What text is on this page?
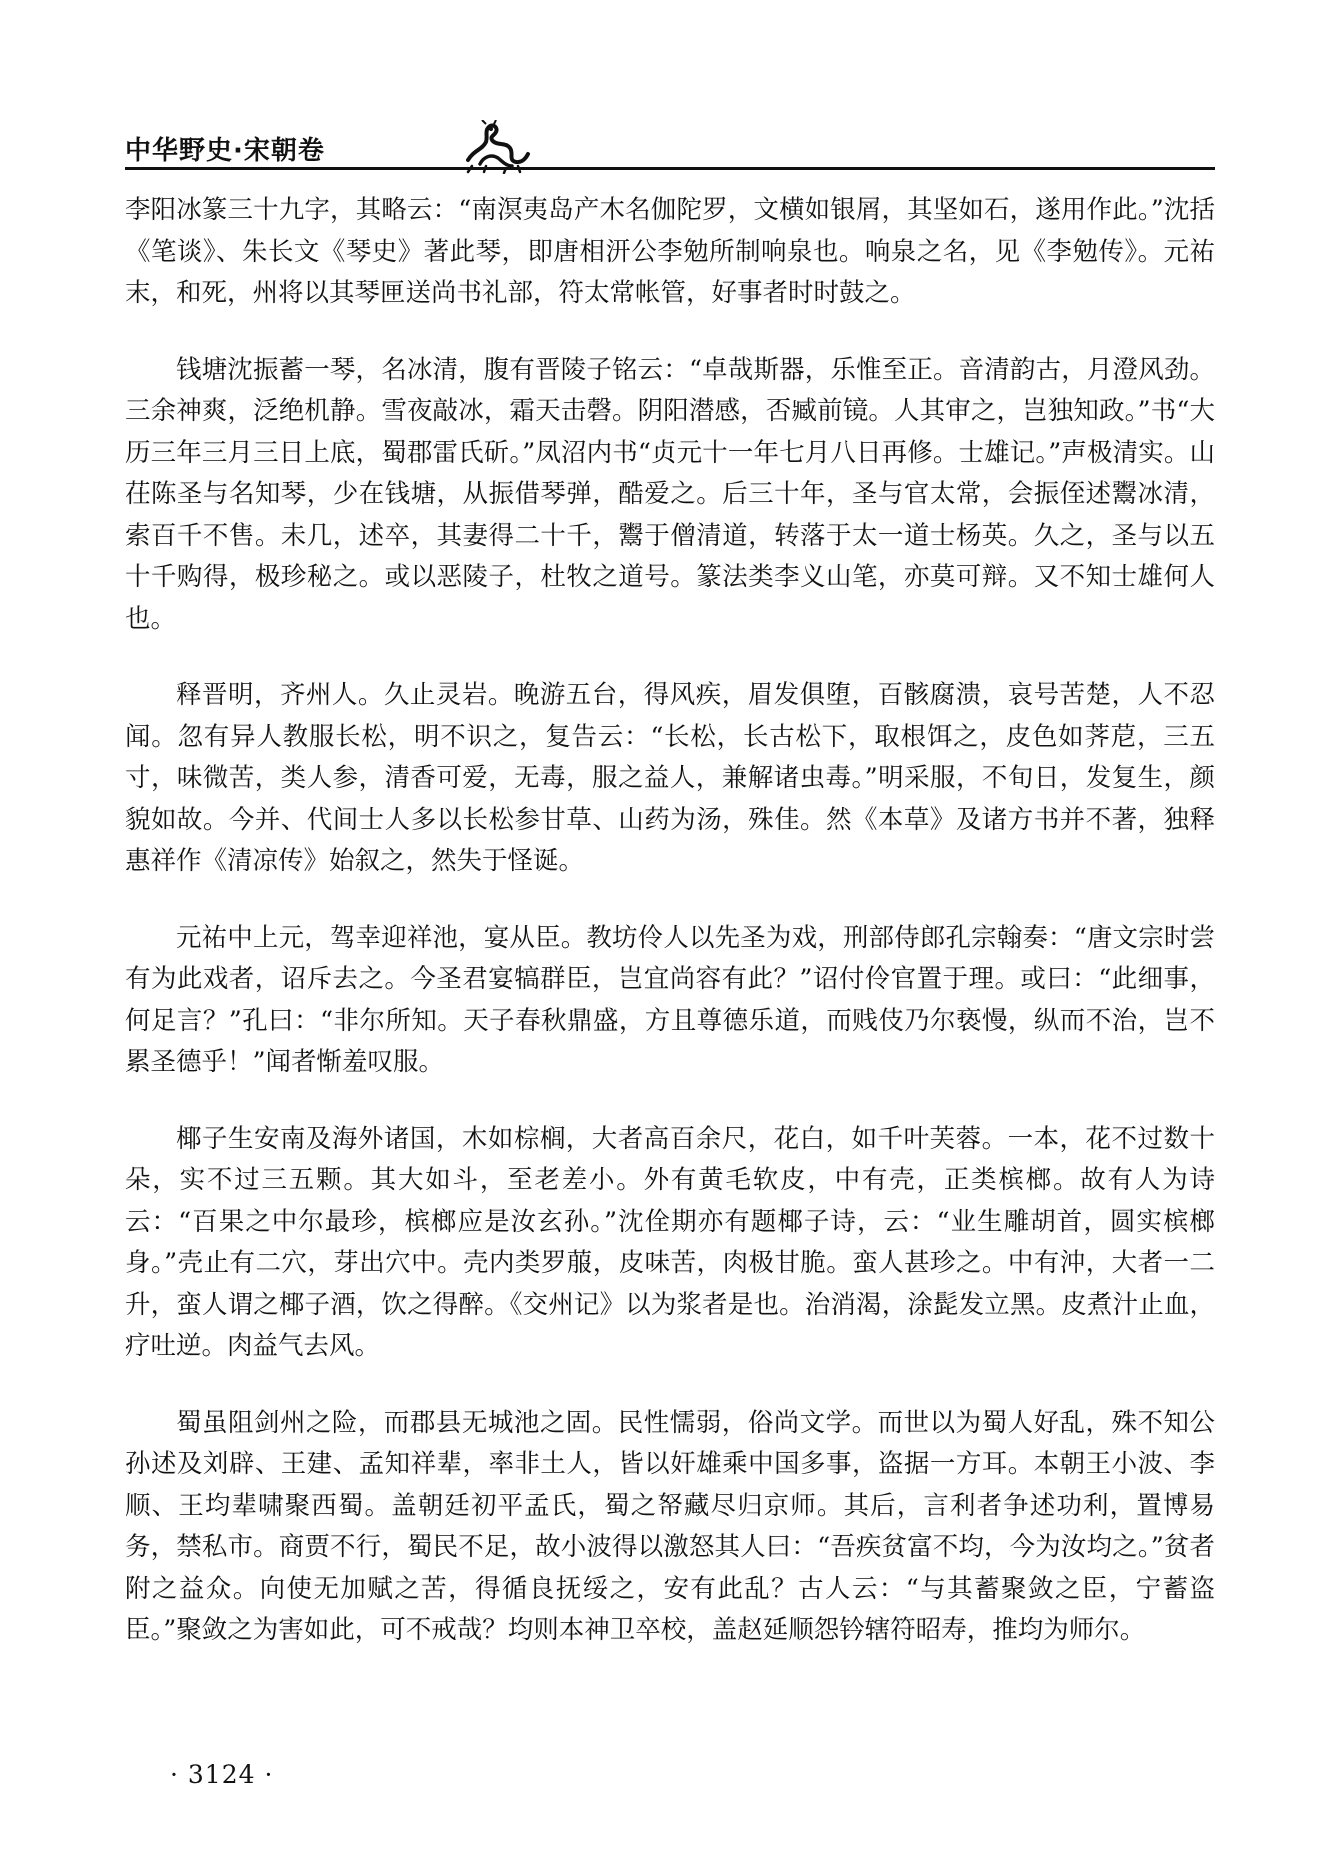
中华野史·宋朝卷

李阳冰篆三十九字，其略云：“南溟夷岛产木名伽陀罗，文横如银屑，其坚如石，遂用作此。”沈括《笔谈》、朱长文《琴史》著此琴，即唐相汧公李勉所制响泉也。响泉之名，见《李勉传》。元祐末，和死，州将以其琴匣送尚书礼部，符太常帐管，好事者时时鼓之。

钱塘沈振蓄一琴，名冰清，腹有晋陵子铭云：“卓哉斯器，乐惟至正。音清韵古，月澄风劲。三余神爽，泛绝机静。雪夜敲冰，霜天击磬。阴阳潜感，否臧前镜。人其审之，岂独知政。”书“大历三年三月三日上底，蜀郡雷氏斫。”凤沼内书“贞元十一年七月八日再修。士雄记。”声极清实。山茌陈圣与名知琴，少在钱塘，从振借琴弹，酷爱之。后三十年，圣与官太常，会振侄述鬻冰清，索百千不售。未几，述卒，其妻得二十千，鬻于僧清道，转落于太一道士杨英。久之，圣与以五十千购得，极珍秘之。或以恶陵子，杜牧之道号。篆法类李义山笔，亦莫可辩。又不知士雄何人也。

释晋明，齐州人。久止灵岩。晚游五台，得风疾，眉发俱堕，百骸腐溃，哀号苦楚，人不忍闻。忽有异人教服长松，明不识之，复告云：“长松，长古松下，取根饵之，皮色如荠苨，三五寸，味微苦，类人参，清香可爱，无毒，服之益人，兼解诸虫毒。”明采服，不旬日，发复生，颜貌如故。今并、代间士人多以长松参甘草、山药为汤，殊佳。然《本草》及诸方书并不著，独释惠祥作《清凉传》始叙之，然失于怪诞。

元祐中上元，驾幸迎祥池，宴从臣。教坊伶人以先圣为戏，刑部侍郎孔宗翰奏：“唐文宗时尝有为此戏者，诏斥去之。今圣君宴犒群臣，岂宜尚容有此？”诏付伶官置于理。或曰：“此细事，何足言？”孔曰：“非尔所知。天子春秋鼎盛，方且尊德乐道，而贱伎乃尔亵慢，纵而不治，岂不累圣德乎！”闻者惭羞叹服。

椰子生安南及海外诸国，木如棕榈，大者高百余尺，花白，如千叶芙蓉。一本，花不过数十朵，实不过三五颗。其大如斗，至老差小。外有黄毛软皮，中有壳，正类槟榔。故有人为诗云：“百果之中尔最珍，槟榔应是汝玄孙。”沈佺期亦有题椰子诗，云：“业生雕胡首，圆实槟榔身。”壳止有二穴，芽出穴中。壳内类罗菔，皮味苦，肉极甘脆。蛮人甚珍之。中有沖，大者一二升，蛮人谓之椰子酒，饮之得醉。《交州记》以为浆者是也。治消渴，涂髭发立黑。皮煮汁止血，疗吐逆。肉益气去风。

蜀虽阻剑州之险，而郡县无城池之固。民性懦弱，俗尚文学。而世以为蜀人好乱，殊不知公孙述及刘辟、王建、孟知祥辈，率非土人，皆以奸雄乘中国多事，盗据一方耳。本朝王小波、李顺、王均辈啸聚西蜀。盖朝廷初平孟氏，蜀之帑藏尽归京师。其后，言利者争述功利，置博易务，禁私市。商贾不行，蜀民不足，故小波得以激怒其人曰：“吾疾贫富不均，今为汝均之。”贫者附之益众。向使无加赋之苦，得循良抚绥之，安有此乱？古人云：“与其蓄聚敛之臣，宁蓄盗臣。”聚敛之为害如此，可不戒哉？均则本神卫卒校，盖赵延顺怨钤辖符昭寿，推均为师尔。

· 3124 ·
